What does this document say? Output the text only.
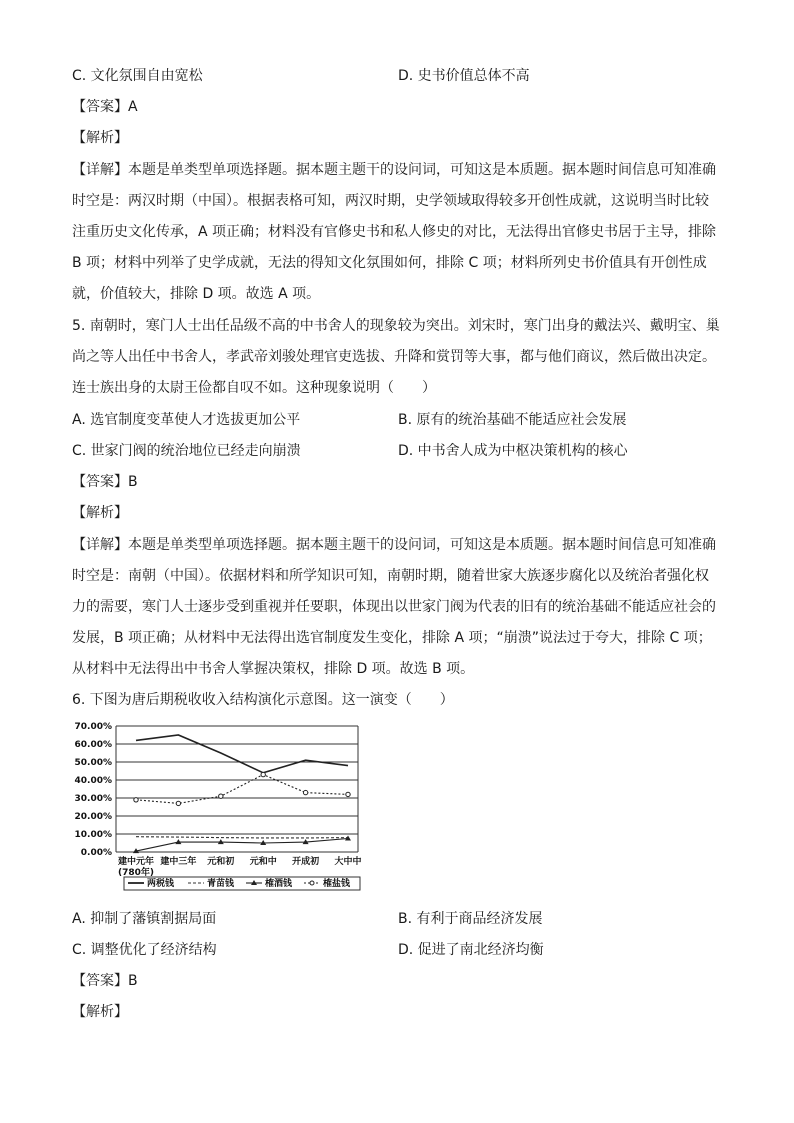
C. 文化氛围自由宽松	D. 史书价值总体不高
【答案】A
【解析】
【详解】本题是单类型单项选择题。据本题主题干的设问词，可知这是本质题。据本题时间信息可知准确
时空是：两汉时期（中国）。根据表格可知，两汉时期，史学领域取得较多开创性成就，这说明当时比较
注重历史文化传承，A 项正确；材料没有官修史书和私人修史的对比，无法得出官修史书居于主导，排除
B 项；材料中列举了史学成就，无法的得知文化氛围如何，排除 C 项；材料所列史书价值具有开创性成
就，价值较大，排除 D 项。故选 A 项。
5. 南朝时，寒门人士出任品级不高的中书舍人的现象较为突出。刘宋时，寒门出身的戴法兴、戴明宝、巢
尚之等人出任中书舍人，孝武帝刘骏处理官吏选拔、升降和赏罚等大事，都与他们商议，然后做出决定。
连士族出身的太尉王俭都自叹不如。这种现象说明（　　）
A. 选官制度变革使人才选拔更加公平	B. 原有的统治基础不能适应社会发展
C. 世家门阀的统治地位已经走向崩溃	D. 中书舍人成为中枢决策机构的核心
【答案】B
【解析】
【详解】本题是单类型单项选择题。据本题主题干的设问词，可知这是本质题。据本题时间信息可知准确
时空是：南朝（中国）。依据材料和所学知识可知，南朝时期，随着世家大族逐步腐化以及统治者强化权
力的需要，寒门人士逐步受到重视并任要职，体现出以世家门阀为代表的旧有的统治基础不能适应社会的
发展，B 项正确；从材料中无法得出选官制度发生变化，排除 A 项；“崩溃”说法过于夸大，排除 C 项；
从材料中无法得出中书舍人掌握决策权，排除 D 项。故选 B 项。
6. 下图为唐后期税收收入结构演化示意图。这一演变（　　）
0.00%
10.00%
20.00%
30.00%
40.00%
50.00%
60.00%
70.00%
建中元年
(780年)
建中三年 元和初 元和中 开成初 大中中
两税钱	青苗钱	榷酒钱	榷盐钱
A. 抑制了藩镇割据局面	B. 有利于商品经济发展
C. 调整优化了经济结构	D. 促进了南北经济均衡
【答案】B
【解析】
